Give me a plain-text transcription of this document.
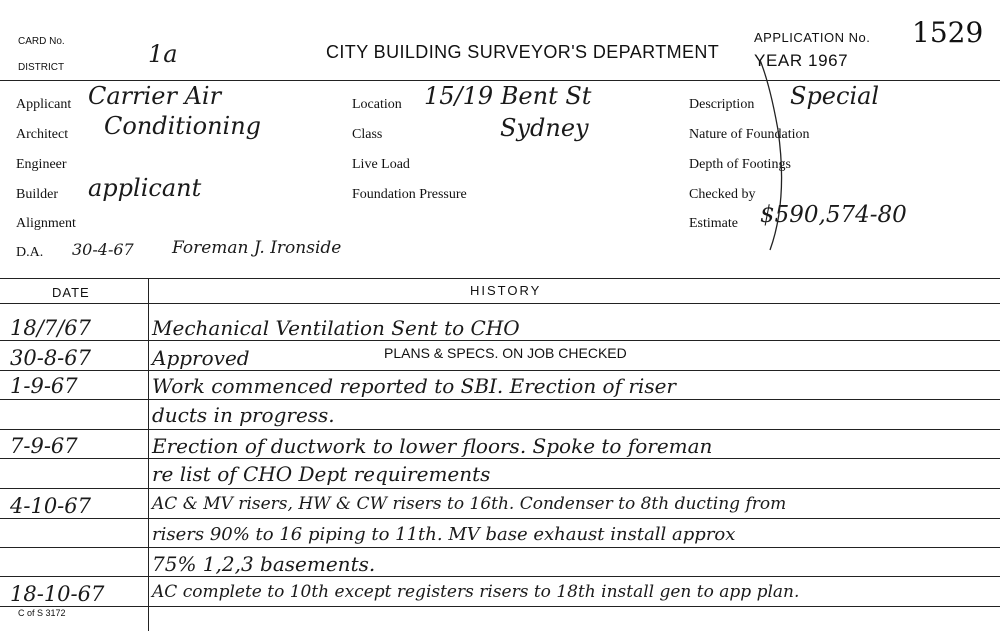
CARD No.	1a
DISTRICT
CITY BUILDING SURVEYOR'S DEPARTMENT
APPLICATION No. 1529
YEAR 1967
Applicant Carrier Air
Architect Conditioning
Engineer
Builder applicant
Alignment
D.A. 30-4-67 Foreman J. Ironside
Location 15/19 Bent St
Class	Sydney
Live Load
Foundation Pressure
Description Special
Nature of Foundation
Depth of Footings
Checked by
Estimate $590,574-80
DATE	HISTORY
PLANS & SPECS. ON JOB CHECKED
18/7/67	Mechanical Ventilation Sent to CHO
30-8-67	Approved
1-9-67	Work commenced reported to SBI. Erection of riser
ducts in progress.
7-9-67	Erection of ductwork to lower floors. Spoke to foreman
re list of CHO Dept requirements
4-10-67	AC & MV risers, HW & CW risers to 16th. Condenser to 8th ducting from
risers 90% to 16 piping to 11th. MV base exhaust install approx
75% 1,2,3 basements.
18-10-67	AC complete to 10th except registers risers to 18th install gen to app plan.
C of S 3172
